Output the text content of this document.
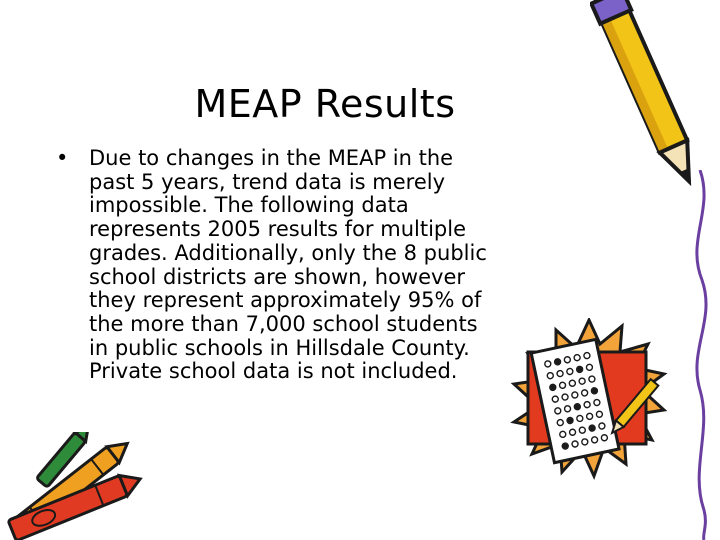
MEAP Results
• Due to changes in the MEAP in the
past 5 years, trend data is merely
impossible. The following data
represents 2005 results for multiple
grades. Additionally, only the 8 public
school districts are shown, however
they represent approximately 95% of
the more than 7,000 school students
in public schools in Hillsdale County.
Private school data is not included.
